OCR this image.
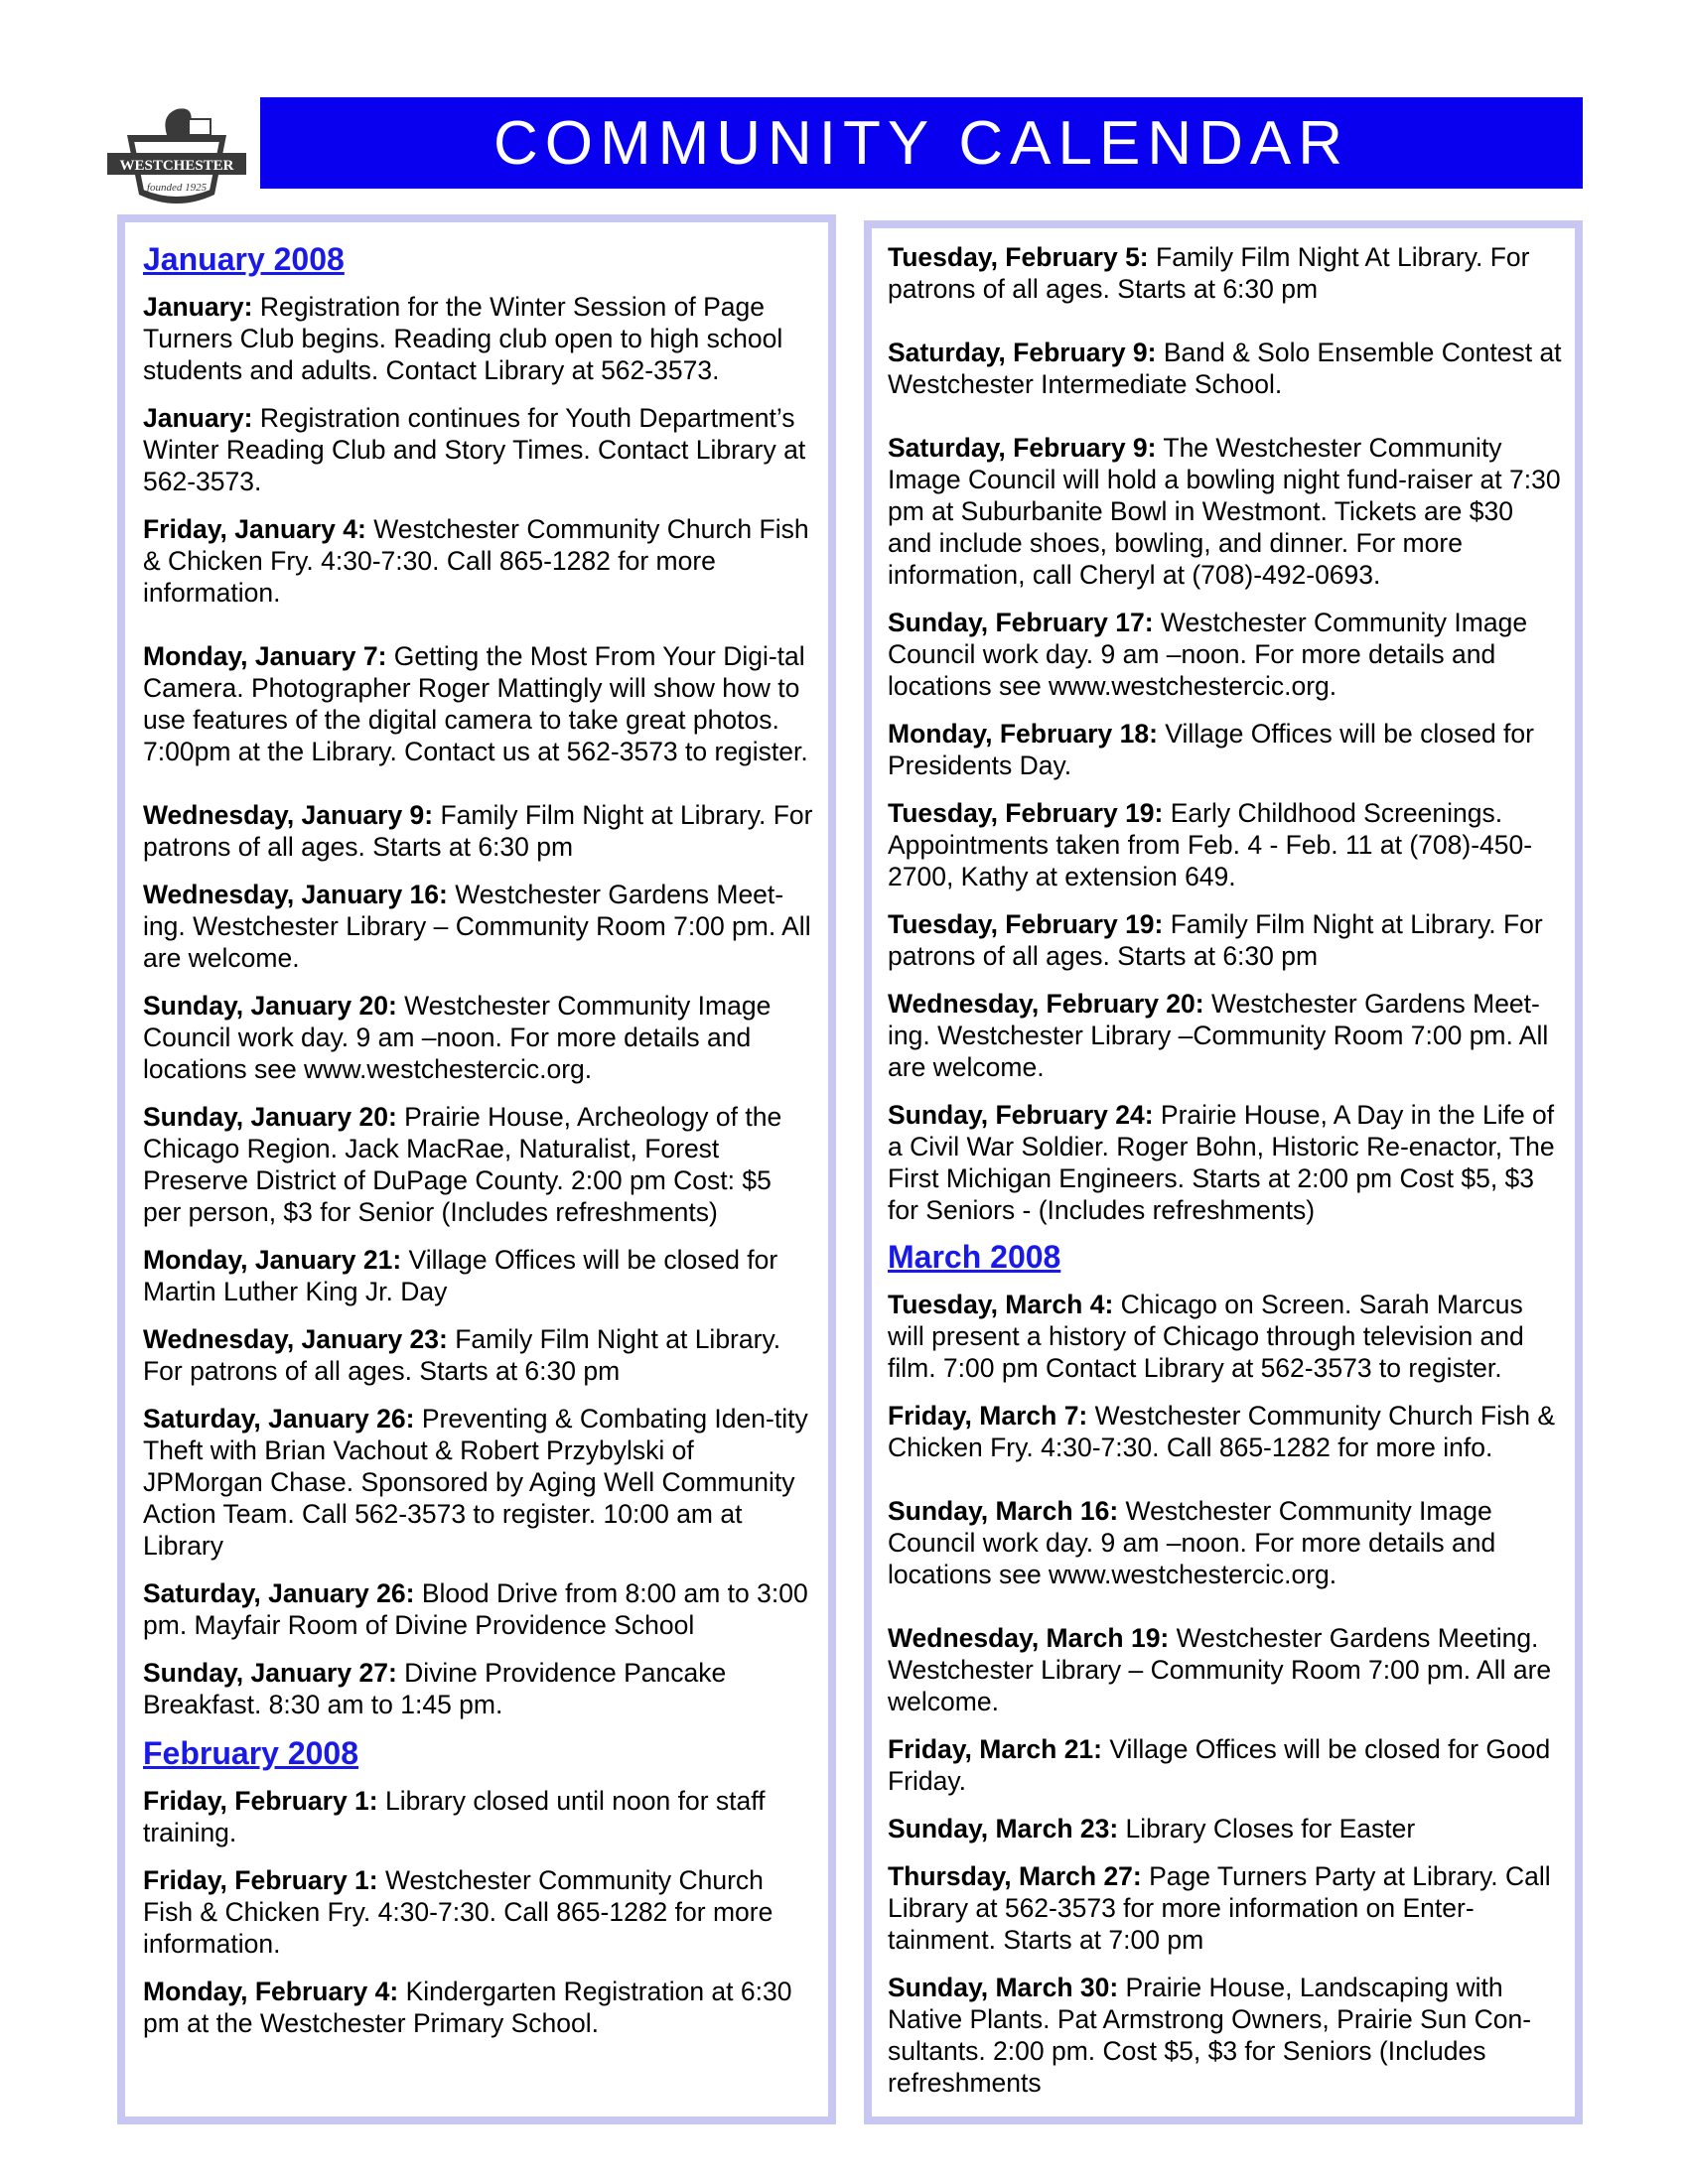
WESTCHESTER
founded 1925
COMMUNITY CALENDAR
January 2008
January: Registration for the Winter Session of Page Turners Club begins. Reading club open to high school students and adults. Contact Library at 562-3573.
January: Registration continues for Youth Department’s Winter Reading Club and Story Times. Contact Library at 562-3573.
Friday, January 4: Westchester Community Church Fish & Chicken Fry. 4:30-7:30. Call 865-1282 for more information.
Monday, January 7: Getting the Most From Your Digi-tal Camera. Photographer Roger Mattingly will show how to use features of the digital camera to take great photos. 7:00pm at the Library. Contact us at 562-3573 to register.
Wednesday, January 9: Family Film Night at Library. For patrons of all ages. Starts at 6:30 pm
Wednesday, January 16: Westchester Gardens Meet-ing. Westchester Library – Community Room 7:00 pm. All are welcome.
Sunday, January 20: Westchester Community Image Council work day. 9 am –noon. For more details and locations see www.westchestercic.org.
Sunday, January 20: Prairie House, Archeology of the Chicago Region. Jack MacRae, Naturalist, Forest Preserve District of DuPage County. 2:00 pm Cost: $5 per person, $3 for Senior (Includes refreshments)
Monday, January 21: Village Offices will be closed for Martin Luther King Jr. Day
Wednesday, January 23: Family Film Night at Library. For patrons of all ages. Starts at 6:30 pm
Saturday, January 26: Preventing & Combating Iden-tity Theft with Brian Vachout & Robert Przybylski of JPMorgan Chase. Sponsored by Aging Well Community Action Team. Call 562-3573 to register. 10:00 am at Library
Saturday, January 26: Blood Drive from 8:00 am to 3:00 pm. Mayfair Room of Divine Providence School
Sunday, January 27: Divine Providence Pancake Breakfast. 8:30 am to 1:45 pm.
February 2008
Friday, February 1: Library closed until noon for staff training.
Friday, February 1: Westchester Community Church Fish & Chicken Fry. 4:30-7:30. Call 865-1282 for more information.
Monday, February 4: Kindergarten Registration at 6:30 pm at the Westchester Primary School.
Tuesday, February 5: Family Film Night At Library. For patrons of all ages. Starts at 6:30 pm
Saturday, February 9: Band & Solo Ensemble Contest at Westchester Intermediate School.
Saturday, February 9: The Westchester Community Image Council will hold a bowling night fund-raiser at 7:30 pm at Suburbanite Bowl in Westmont. Tickets are $30 and include shoes, bowling, and dinner. For more information, call Cheryl at (708)-492-0693.
Sunday, February 17: Westchester Community Image Council work day. 9 am –noon. For more details and locations see www.westchestercic.org.
Monday, February 18: Village Offices will be closed for Presidents Day.
Tuesday, February 19: Early Childhood Screenings. Appointments taken from Feb. 4 - Feb. 11 at (708)-450-2700, Kathy at extension 649.
Tuesday, February 19: Family Film Night at Library. For patrons of all ages. Starts at 6:30 pm
Wednesday, February 20: Westchester Gardens Meet-ing. Westchester Library –Community Room 7:00 pm. All are welcome.
Sunday, February 24: Prairie House, A Day in the Life of a Civil War Soldier. Roger Bohn, Historic Re-enactor, The First Michigan Engineers. Starts at 2:00 pm Cost $5, $3 for Seniors - (Includes refreshments)
March 2008
Tuesday, March 4: Chicago on Screen. Sarah Marcus will present a history of Chicago through television and film. 7:00 pm Contact Library at 562-3573 to register.
Friday, March 7: Westchester Community Church Fish & Chicken Fry. 4:30-7:30. Call 865-1282 for more info.
Sunday, March 16: Westchester Community Image Council work day. 9 am –noon. For more details and locations see www.westchestercic.org.
Wednesday, March 19: Westchester Gardens Meeting. Westchester Library – Community Room 7:00 pm. All are welcome.
Friday, March 21: Village Offices will be closed for Good Friday.
Sunday, March 23: Library Closes for Easter
Thursday, March 27: Page Turners Party at Library. Call Library at 562-3573 for more information on Enter-tainment. Starts at 7:00 pm
Sunday, March 30: Prairie House, Landscaping with Native Plants. Pat Armstrong Owners, Prairie Sun Con-sultants. 2:00 pm. Cost $5, $3 for Seniors (Includes refreshments
